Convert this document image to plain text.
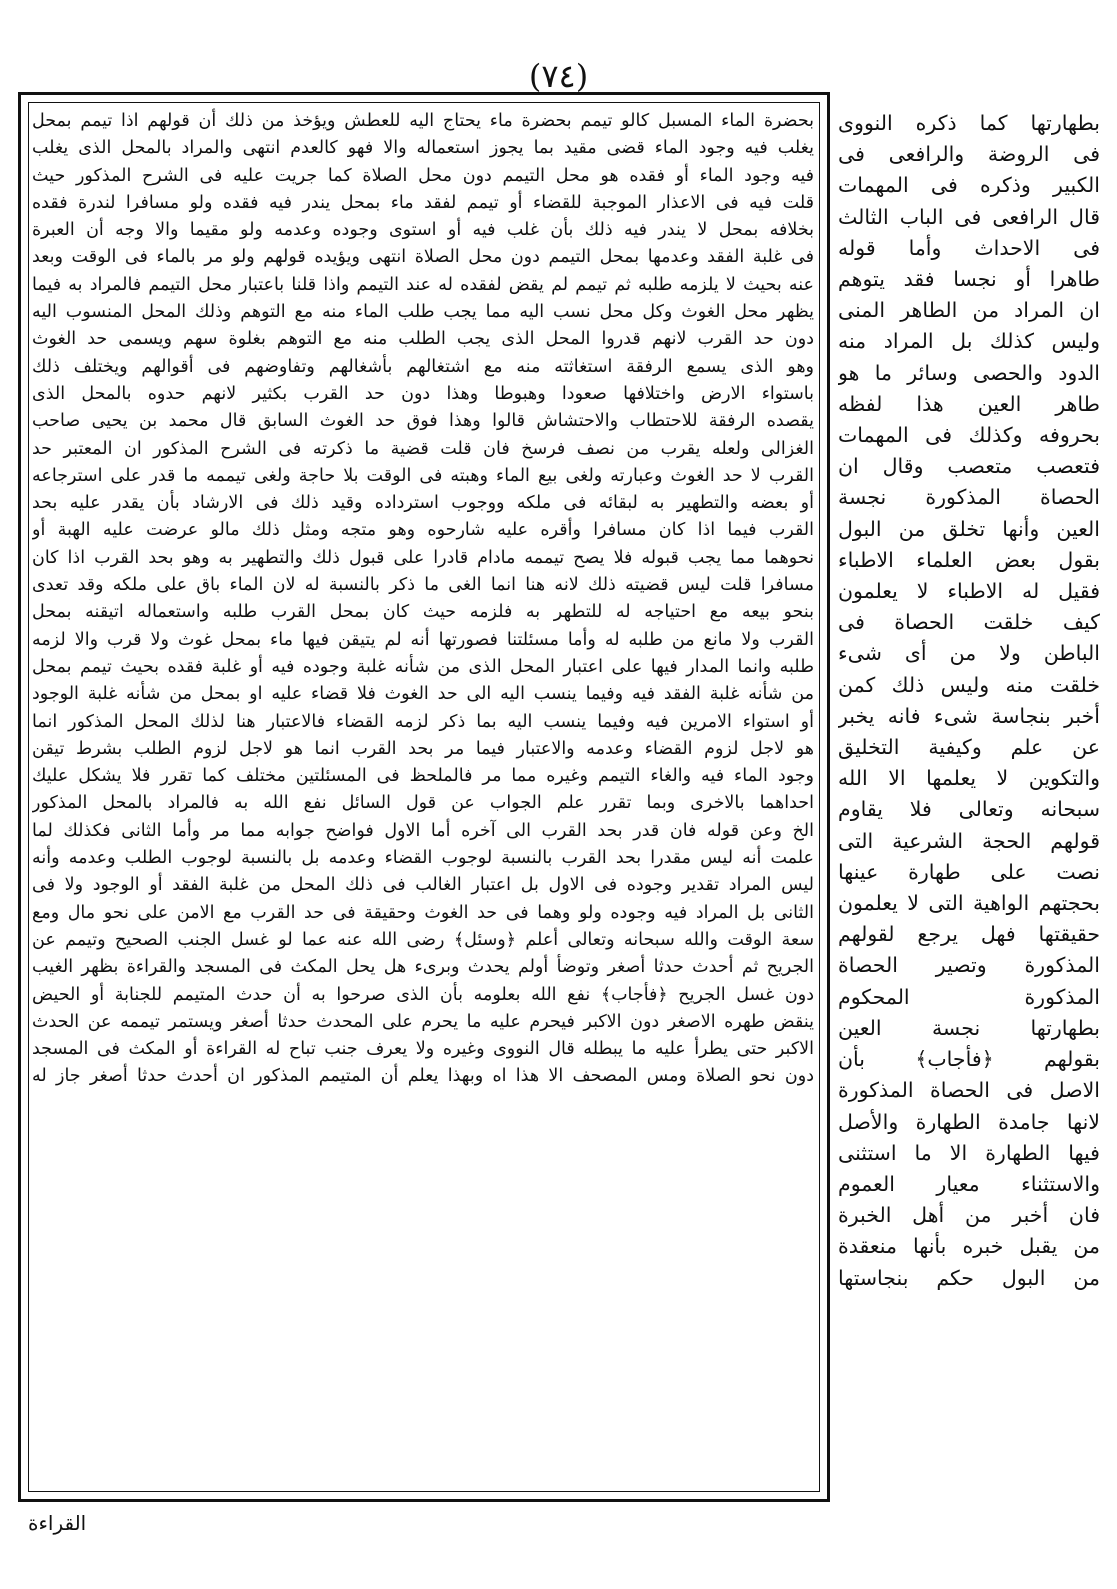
(٧٤)
بحضرة الماء المسبل كالو تيمم بحضرة ماء يحتاج اليه للعطش ويؤخذ من ذلك أن قولهم اذا تيمم بمحل
يغلب فيه وجود الماء قضى مقيد بما يجوز استعماله والا فهو كالعدم انتهى والمراد بالمحل الذى يغلب
فيه وجود الماء أو فقده هو محل التيمم دون محل الصلاة كما جريت عليه فى الشرح المذكور حيث
قلت فيه فى الاعذار الموجبة للقضاء أو تيمم لفقد ماء بمحل يندر فيه فقده ولو مسافرا لندرة فقده
بخلافه بمحل لا يندر فيه ذلك بأن غلب فيه أو استوى وجوده وعدمه ولو مقيما والا وجه أن العبرة
فى غلبة الفقد وعدمها بمحل التيمم دون محل الصلاة انتهى ويؤيده قولهم ولو مر بالماء فى الوقت وبعد
عنه بحيث لا يلزمه طلبه ثم تيمم لم يقض لفقده له عند التيمم واذا قلنا باعتبار محل التيمم فالمراد به فيما
يظهر محل الغوث وكل محل نسب اليه مما يجب طلب الماء منه مع التوهم وذلك المحل المنسوب اليه
دون حد القرب لانهم قدروا المحل الذى يجب الطلب منه مع التوهم بغلوة سهم ويسمى حد الغوث
وهو الذى يسمع الرفقة استغاثته منه مع اشتغالهم بأشغالهم وتفاوضهم فى أقوالهم ويختلف ذلك
باستواء الارض واختلافها صعودا وهبوطا وهذا دون حد القرب بكثير لانهم حدوه بالمحل الذى
يقصده الرفقة للاحتطاب والاحتشاش قالوا وهذا فوق حد الغوث السابق قال محمد بن يحيى صاحب
الغزالى ولعله يقرب من نصف فرسخ فان قلت قضية ما ذكرته فى الشرح المذكور ان المعتبر حد
القرب لا حد الغوث وعبارته ولغى بيع الماء وهبته فى الوقت بلا حاجة ولغى تيممه ما قدر على استرجاعه
أو بعضه والتطهير به لبقائه فى ملكه ووجوب استرداده وقيد ذلك فى الارشاد بأن يقدر عليه بحد
القرب فيما اذا كان مسافرا وأقره عليه شارحوه وهو متجه ومثل ذلك مالو عرضت عليه الهبة أو
نحوهما مما يجب قبوله فلا يصح تيممه مادام قادرا على قبول ذلك والتطهير به وهو بحد القرب اذا كان
مسافرا قلت ليس قضيته ذلك لانه هنا انما الغى ما ذكر بالنسبة له لان الماء باق على ملكه وقد تعدى
بنحو بيعه مع احتياجه له للتطهر به فلزمه حيث كان بمحل القرب طلبه واستعماله اتيقنه بمحل
القرب ولا مانع من طلبه له وأما مسئلتنا فصورتها أنه لم يتيقن فيها ماء بمحل غوث ولا قرب والا لزمه
طلبه وانما المدار فيها على اعتبار المحل الذى من شأنه غلبة وجوده فيه أو غلبة فقده بحيث تيمم بمحل
من شأنه غلبة الفقد فيه وفيما ينسب اليه الى حد الغوث فلا قضاء عليه او بمحل من شأنه غلبة الوجود
أو استواء الامرين فيه وفيما ينسب اليه بما ذكر لزمه القضاء فالاعتبار هنا لذلك المحل المذكور انما
هو لاجل لزوم القضاء وعدمه والاعتبار فيما مر بحد القرب انما هو لاجل لزوم الطلب بشرط تيقن
وجود الماء فيه والغاء التيمم وغيره مما مر فالملحظ فى المسئلتين مختلف كما تقرر فلا يشكل عليك
احداهما بالاخرى وبما تقرر علم الجواب عن قول السائل نفع الله به فالمراد بالمحل المذكور
الخ وعن قوله فان قدر بحد القرب الى آخره أما الاول فواضح جوابه مما مر وأما الثانى فكذلك لما
علمت أنه ليس مقدرا بحد القرب بالنسبة لوجوب القضاء وعدمه بل بالنسبة لوجوب الطلب وعدمه وأنه
ليس المراد تقدير وجوده فى الاول بل اعتبار الغالب فى ذلك المحل من غلبة الفقد أو الوجود ولا فى
الثانى بل المراد فيه وجوده ولو وهما فى حد الغوث وحقيقة فى حد القرب مع الامن على نحو مال ومع
سعة الوقت والله سبحانه وتعالى أعلم ﴿وسئل﴾ رضى الله عنه عما لو غسل الجنب الصحيح وتيمم عن
الجريح ثم أحدث حدثا أصغر وتوضأ أولم يحدث وبرىء هل يحل المكث فى المسجد والقراءة بظهر الغيب
دون غسل الجريح ﴿فأجاب﴾ نفع الله بعلومه بأن الذى صرحوا به أن حدث المتيمم للجنابة أو الحيض
ينقض طهره الاصغر دون الاكبر فيحرم عليه ما يحرم على المحدث حدثا أصغر ويستمر تيممه عن الحدث
الاكبر حتى يطرأ عليه ما يبطله قال النووى وغيره ولا يعرف جنب تباح له القراءة أو المكث فى المسجد
دون نحو الصلاة ومس المصحف الا هذا اه وبهذا يعلم أن المتيمم المذكور ان أحدث حدثا أصغر جاز له
بطهارتها كما ذكره النووى
فى الروضة والرافعى فى
الكبير وذكره فى المهمات
قال الرافعى فى الباب الثالث
فى الاحداث وأما قوله
طاهرا أو نجسا فقد يتوهم
ان المراد من الطاهر المنى
وليس كذلك بل المراد منه
الدود والحصى وسائر ما هو
طاهر العين هذا لفظه
بحروفه وكذلك فى المهمات
فتعصب متعصب وقال ان
الحصاة المذكورة نجسة
العين وأنها تخلق من البول
بقول بعض العلماء الاطباء
فقيل له الاطباء لا يعلمون
كيف خلقت الحصاة فى
الباطن ولا من أى شىء
خلقت منه وليس ذلك كمن
أخبر بنجاسة شىء فانه يخبر
عن علم وكيفية التخليق
والتكوين لا يعلمها الا الله
سبحانه وتعالى فلا يقاوم
قولهم الحجة الشرعية التى
نصت على طهارة عينها
بحجتهم الواهية التى لا يعلمون
حقيقتها فهل يرجع لقولهم
المذكورة وتصير الحصاة
المذكورة المحكوم
بطهارتها نجسة العين
بقولهم ﴿فأجاب﴾ بأن
الاصل فى الحصاة المذكورة
لانها جامدة الطهارة والأصل
فيها الطهارة الا ما استثنى
والاستثناء معيار العموم
فان أخبر من أهل الخبرة
من يقبل خبره بأنها منعقدة
من البول حكم بنجاستها
القراءة
